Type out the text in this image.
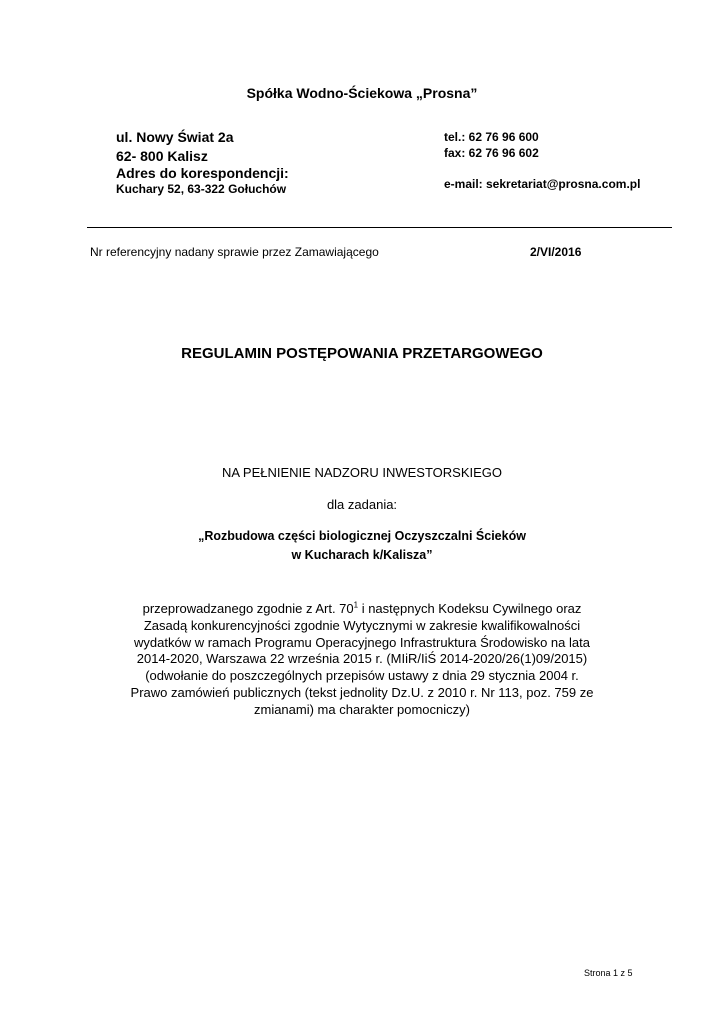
Spółka Wodno-Ściekowa „Prosna”
ul. Nowy Świat 2a
62- 800 Kalisz
Adres do korespondencji:
Kuchary 52, 63-322 Gołuchów
tel.: 62 76 96 600
fax: 62 76 96 602
e-mail: sekretariat@prosna.com.pl
Nr referencyjny nadany sprawie przez Zamawiającego	2/VI/2016
REGULAMIN POSTĘPOWANIA PRZETARGOWEGO
NA PEŁNIENIE NADZORU INWESTORSKIEGO
dla zadania:
„Rozbudowa części biologicznej Oczyszczalni Ścieków
w Kucharach k/Kalisza”
przeprowadzanego zgodnie z Art. $70^1$ i następnych Kodeksu Cywilnego oraz
Zasadą konkurencyjności zgodnie Wytycznymi w zakresie kwalifikowalności
wydatków w ramach Programu Operacyjnego Infrastruktura Środowisko na lata
2014-2020, Warszawa 22 września 2015 r. (MIiR/IiŚ 2014-2020/26(1)09/2015)
(odwołanie do poszczególnych przepisów ustawy z dnia 29 stycznia 2004 r.
Prawo zamówień publicznych (tekst jednolity Dz.U. z 2010 r. Nr 113, poz. 759 ze
zmianami) ma charakter pomocniczy)
Strona 1 z 5
